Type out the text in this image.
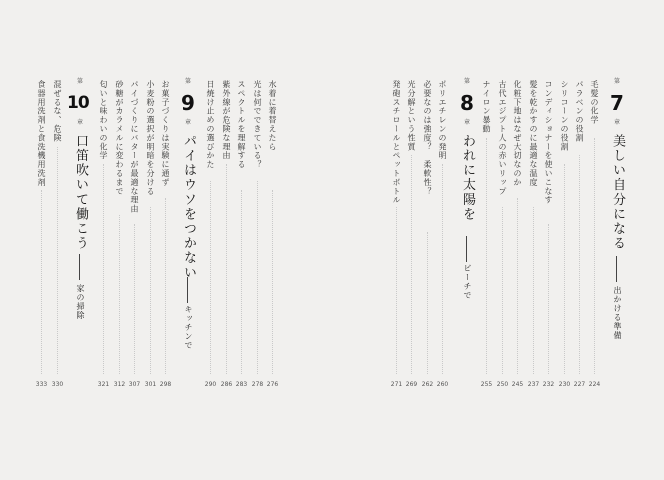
第
7
章
美しい自分になる
出かける準備
毛髪の化学
224
パラベンの役割
227
シリコーンの役割
230
コンディショナーを使いこなす
232
髪を乾かすのに最適な温度
237
化粧下地はなぜ大切なのか
245
古代エジプト人の赤いリップ
250
ナイロン暴動
255
第
8
章
われに太陽を
ビーチで
ポリエチレンの発明
260
必要なのは強度？　柔軟性？
262
光分解という性質
269
発砲スチロールとペットボトル
271
第
9
章
パイはウソをつかない
キッチンで
水着に着替えたら
276
光は何でできている？
278
スペクトルを理解する
283
紫外線が危険な理由
286
日焼け止めの選びかた
290
お菓子づくりは実験に通ず
298
小麦粉の選択が明暗を分ける
301
パイづくりにバターが最適な理由
307
砂糖がカラメルに変わるまで
312
匂いと味わいの化学
321
第
10
章
口笛吹いて働こう
家の掃除
混ぜるな、危険
330
食器用洗剤と食洗機用洗剤
333
